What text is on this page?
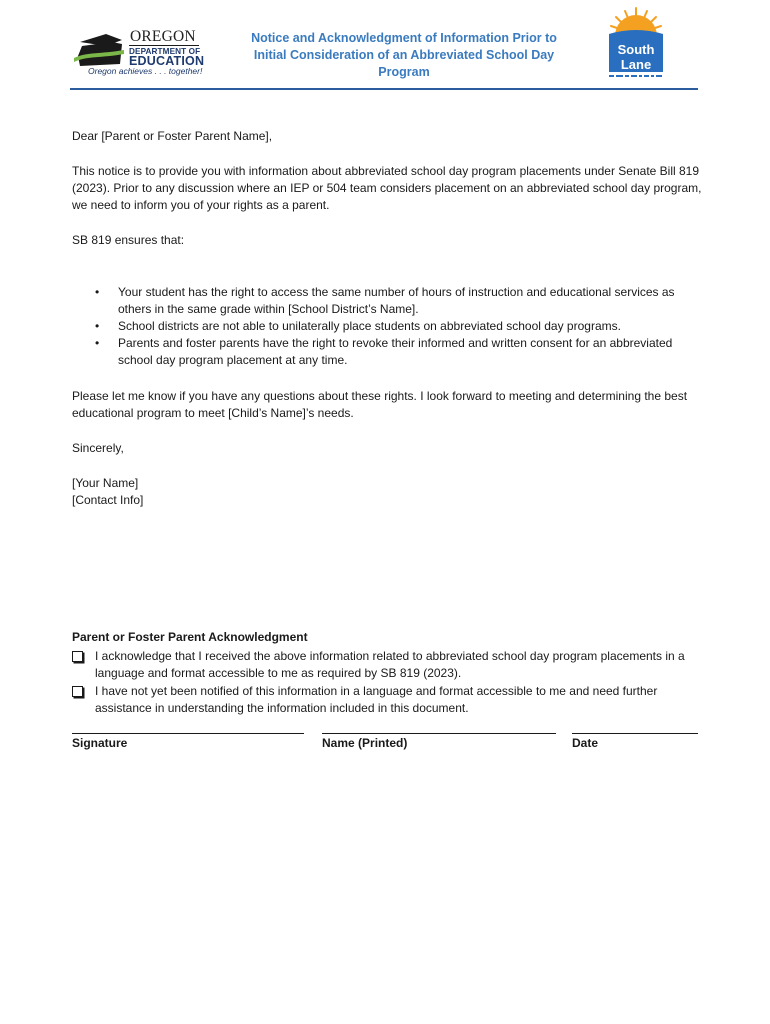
OREGON
DEPARTMENT OF
EDUCATION
Oregon achieves . . . together!
Notice and Acknowledgment of Information Prior to Initial Consideration of an Abbreviated School Day Program
South
Lane
Dear [Parent or Foster Parent Name],
This notice is to provide you with information about abbreviated school day program placements under Senate Bill 819 (2023). Prior to any discussion where an IEP or 504 team considers placement on an abbreviated school day program, we need to inform you of your rights as a parent.
SB 819 ensures that:
• Your student has the right to access the same number of hours of instruction and educational services as others in the same grade within [School District’s Name].
• School districts are not able to unilaterally place students on abbreviated school day programs.
• Parents and foster parents have the right to revoke their informed and written consent for an abbreviated school day program placement at any time.
Please let me know if you have any questions about these rights. I look forward to meeting and determining the best educational program to meet [Child’s Name]’s needs.
Sincerely,
[Your Name]
[Contact Info]
Parent or Foster Parent Acknowledgment
I acknowledge that I received the above information related to abbreviated school day program placements in a language and format accessible to me as required by SB 819 (2023).
I have not yet been notified of this information in a language and format accessible to me and need further assistance in understanding the information included in this document.
Signature	Name (Printed)	Date
